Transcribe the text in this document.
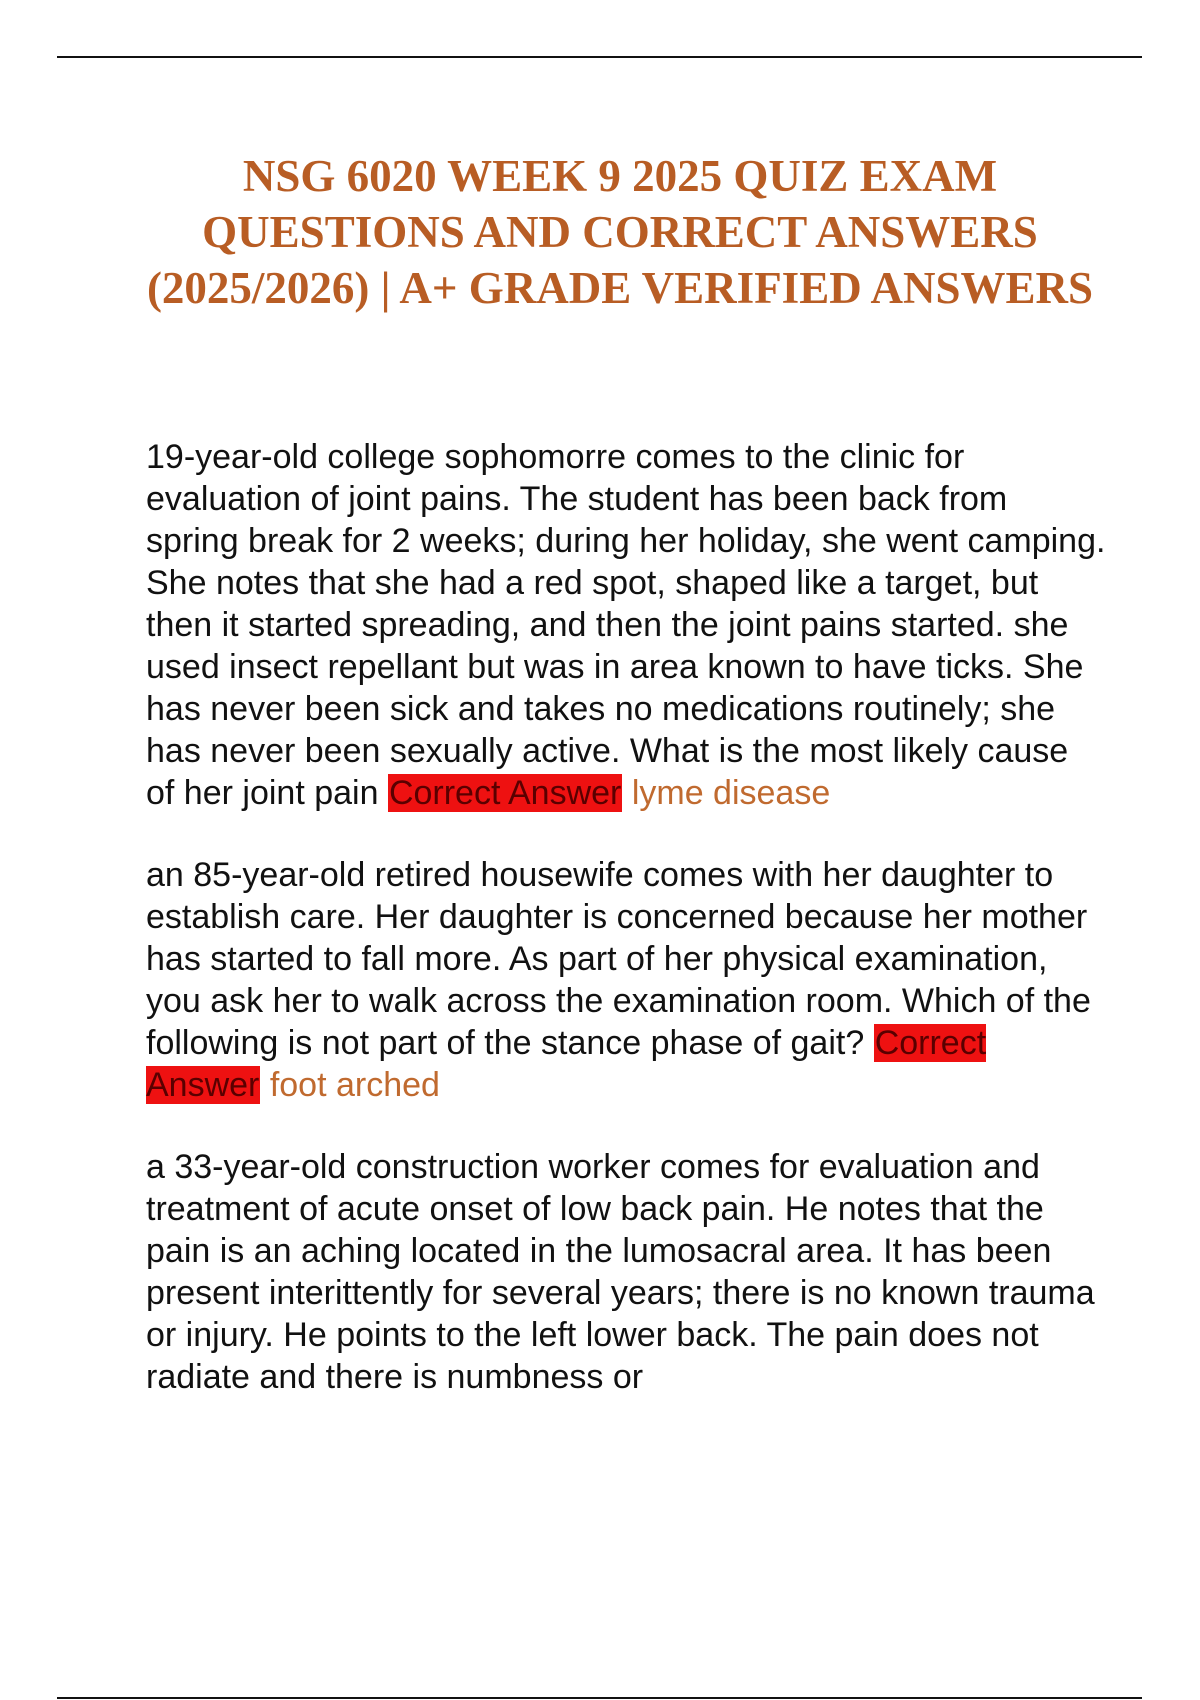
NSG 6020 WEEK 9 2025 QUIZ EXAM QUESTIONS AND CORRECT ANSWERS (2025/2026) | A+ GRADE VERIFIED ANSWERS

19-year-old college sophomorre comes to the clinic for evaluation of joint pains. The student has been back from spring break for 2 weeks; during her holiday, she went camping. She notes that she had a red spot, shaped like a target, but then it started spreading, and then the joint pains started. she used insect repellant but was in area known to have ticks. She has never been sick and takes no medications routinely; she has never been sexually active. What is the most likely cause of her joint pain Correct Answer lyme disease

an 85-year-old retired housewife comes with her daughter to establish care. Her daughter is concerned because her mother has started to fall more. As part of her physical examination, you ask her to walk across the examination room. Which of the following is not part of the stance phase of gait? Correct Answer foot arched

a 33-year-old construction worker comes for evaluation and treatment of acute onset of low back pain. He notes that the pain is an aching located in the lumosacral area. It has been present interittently for several years; there is no known trauma or injury. He points to the left lower back. The pain does not radiate and there is numbness or
